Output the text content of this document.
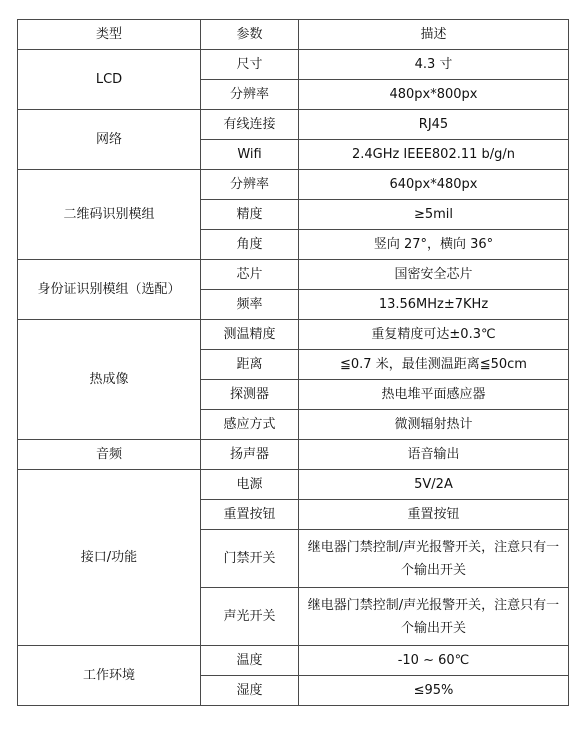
类型	参数	描述
LCD	尺寸	4.3 寸
	分辨率	480px*800px
网络	有线连接	RJ45
	Wifi	2.4GHz IEEE802.11 b/g/n
二维码识别模组	分辨率	640px*480px
	精度	≥5mil
	角度	竖向 27°，横向 36°
身份证识别模组（选配）	芯片	国密安全芯片
	频率	13.56MHz±7KHz
热成像	测温精度	重复精度可达±0.3℃
	距离	≦0.7 米，最佳测温距离≦50cm
	探测器	热电堆平面感应器
	感应方式	微测辐射热计
音频	扬声器	语音输出
接口/功能	电源	5V/2A
	重置按钮	重置按钮
	门禁开关	继电器门禁控制/声光报警开关，注意只有一个输出开关
	声光开关	继电器门禁控制/声光报警开关，注意只有一个输出开关
工作环境	温度	-10 ~ 60℃
	湿度	≤95%
